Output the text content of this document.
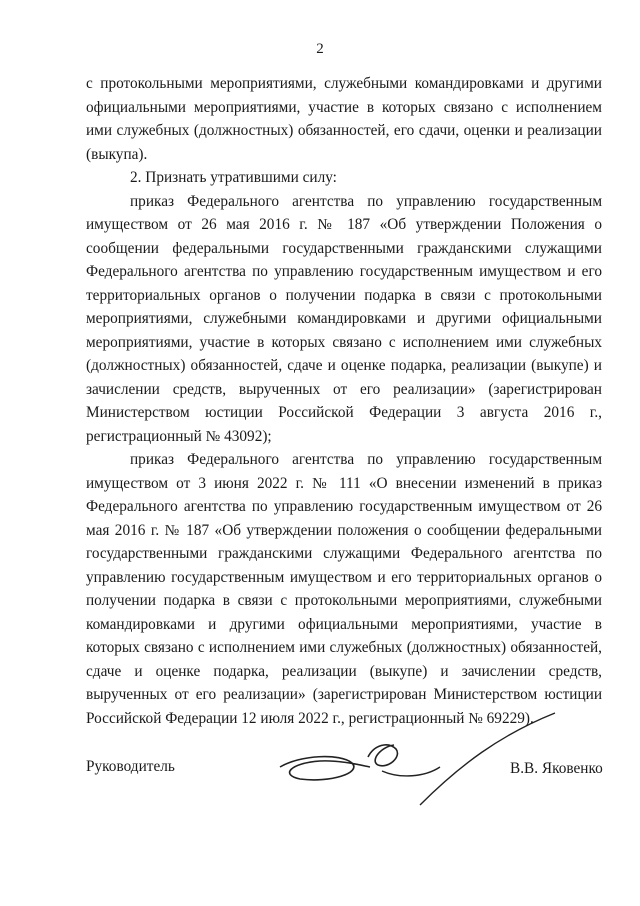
2

с протокольными мероприятиями, служебными командировками и другими официальными мероприятиями, участие в которых связано с исполнением ими служебных (должностных) обязанностей, его сдачи, оценки и реализации (выкупа).

2. Признать утратившими силу:

приказ Федерального агентства по управлению государственным имуществом от 26 мая 2016 г. № 187 «Об утверждении Положения о сообщении федеральными государственными гражданскими служащими Федерального агентства по управлению государственным имуществом и его территориальных органов о получении подарка в связи с протокольными мероприятиями, служебными командировками и другими официальными мероприятиями, участие в которых связано с исполнением ими служебных (должностных) обязанностей, сдаче и оценке подарка, реализации (выкупе) и зачислении средств, вырученных от его реализации» (зарегистрирован Министерством юстиции Российской Федерации 3 августа 2016 г., регистрационный № 43092);

приказ Федерального агентства по управлению государственным имуществом от 3 июня 2022 г. № 111 «О внесении изменений в приказ Федерального агентства по управлению государственным имуществом от 26 мая 2016 г. № 187 «Об утверждении положения о сообщении федеральными государственными гражданскими служащими Федерального агентства по управлению государственным имуществом и его территориальных органов о получении подарка в связи с протокольными мероприятиями, служебными командировками и другими официальными мероприятиями, участие в которых связано с исполнением ими служебных (должностных) обязанностей, сдаче и оценке подарка, реализации (выкупе) и зачислении средств, вырученных от его реализации» (зарегистрирован Министерством юстиции Российской Федерации 12 июля 2022 г., регистрационный № 69229).

Руководитель	В.В. Яковенко
